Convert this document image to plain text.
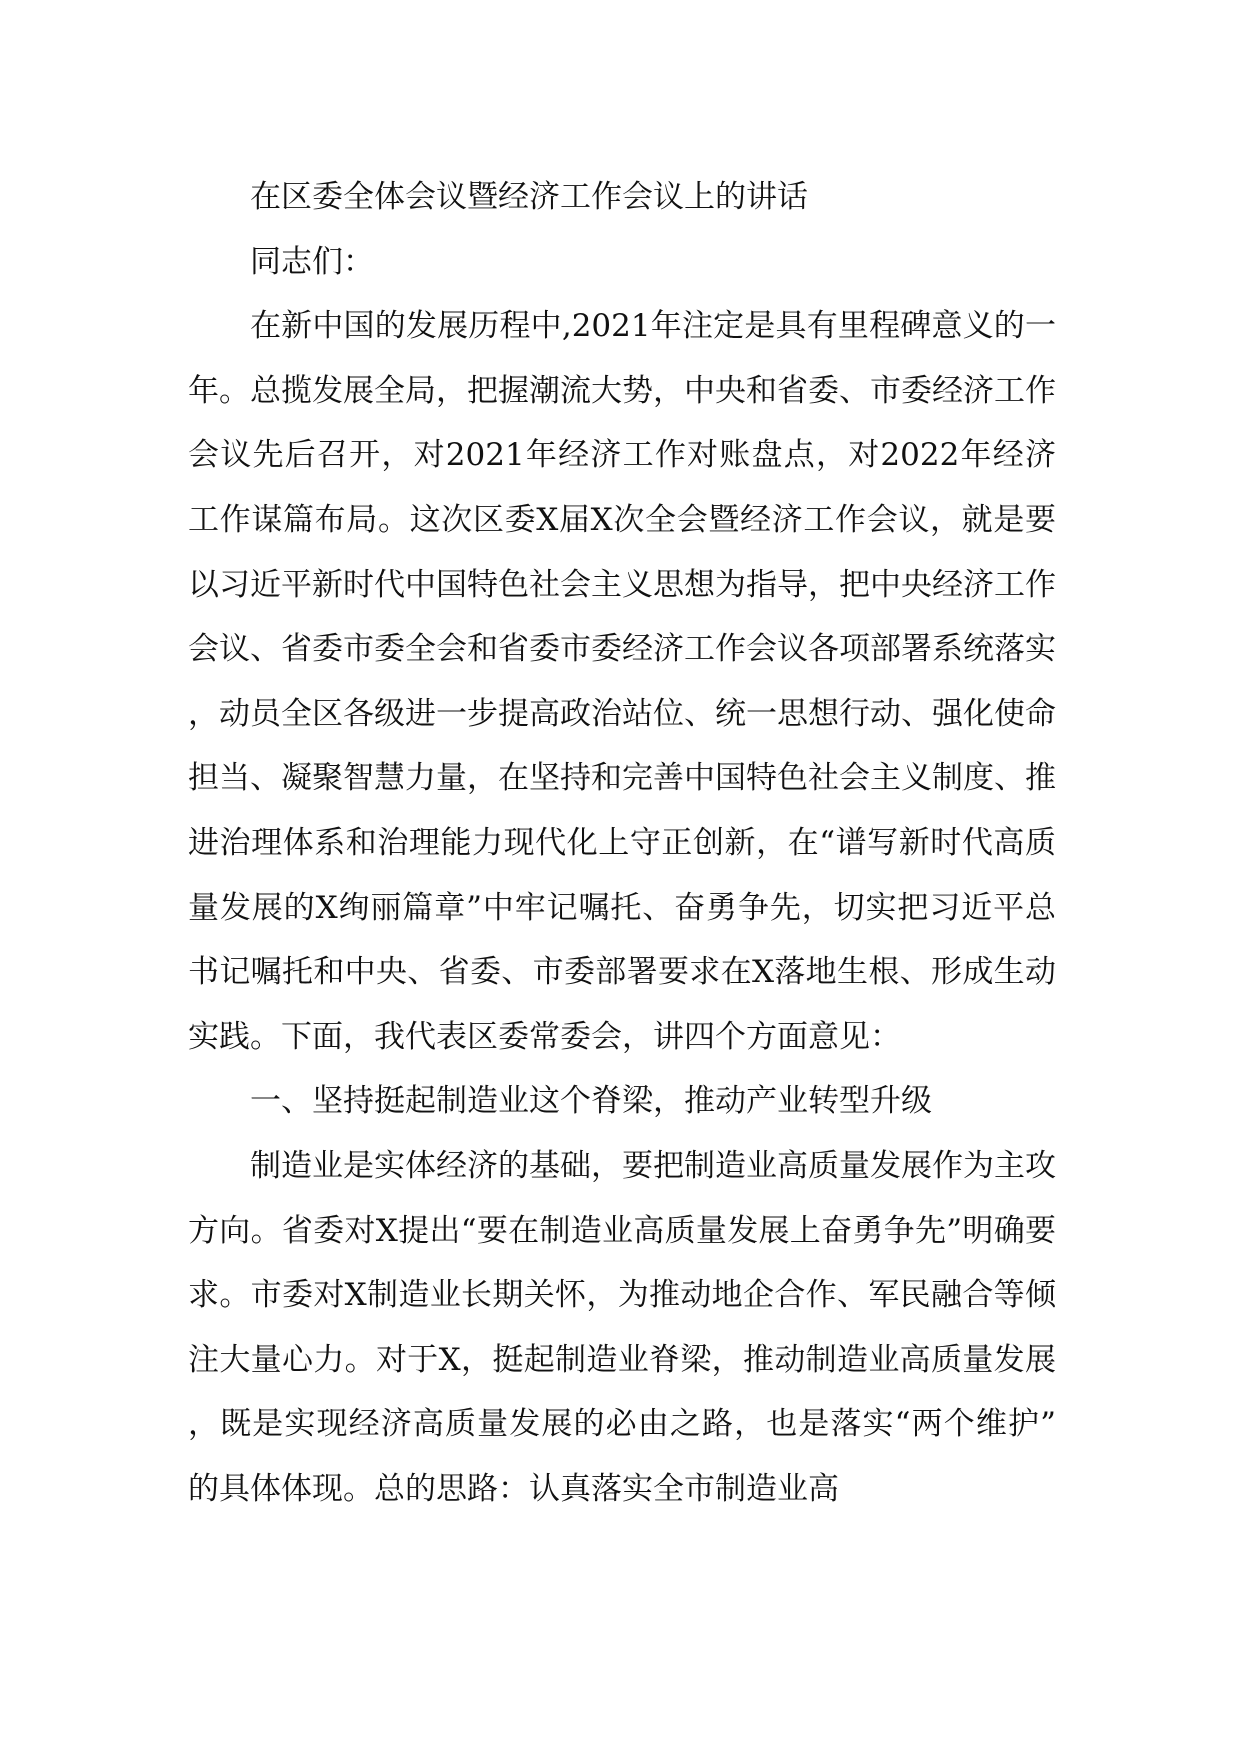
在区委全体会议暨经济工作会议上的讲话

同志们：

在新中国的发展历程中,2021年注定是具有里程碑意义的一年。总揽发展全局，把握潮流大势，中央和省委、市委经济工作会议先后召开，对2021年经济工作对账盘点，对2022年经济工作谋篇布局。这次区委X届X次全会暨经济工作会议，就是要以习近平新时代中国特色社会主义思想为指导，把中央经济工作会议、省委市委全会和省委市委经济工作会议各项部署系统落实，动员全区各级进一步提高政治站位、统一思想行动、强化使命担当、凝聚智慧力量，在坚持和完善中国特色社会主义制度、推进治理体系和治理能力现代化上守正创新，在“谱写新时代高质量发展的X绚丽篇章”中牢记嘱托、奋勇争先，切实把习近平总书记嘱托和中央、省委、市委部署要求在X落地生根、形成生动实践。下面，我代表区委常委会，讲四个方面意见：

一、坚持挺起制造业这个脊梁，推动产业转型升级

制造业是实体经济的基础，要把制造业高质量发展作为主攻方向。省委对X提出“要在制造业高质量发展上奋勇争先”明确要求。市委对X制造业长期关怀，为推动地企合作、军民融合等倾注大量心力。对于X，挺起制造业脊梁，推动制造业高质量发展，既是实现经济高质量发展的必由之路，也是落实“两个维护”的具体体现。总的思路：认真落实全市制造业高
